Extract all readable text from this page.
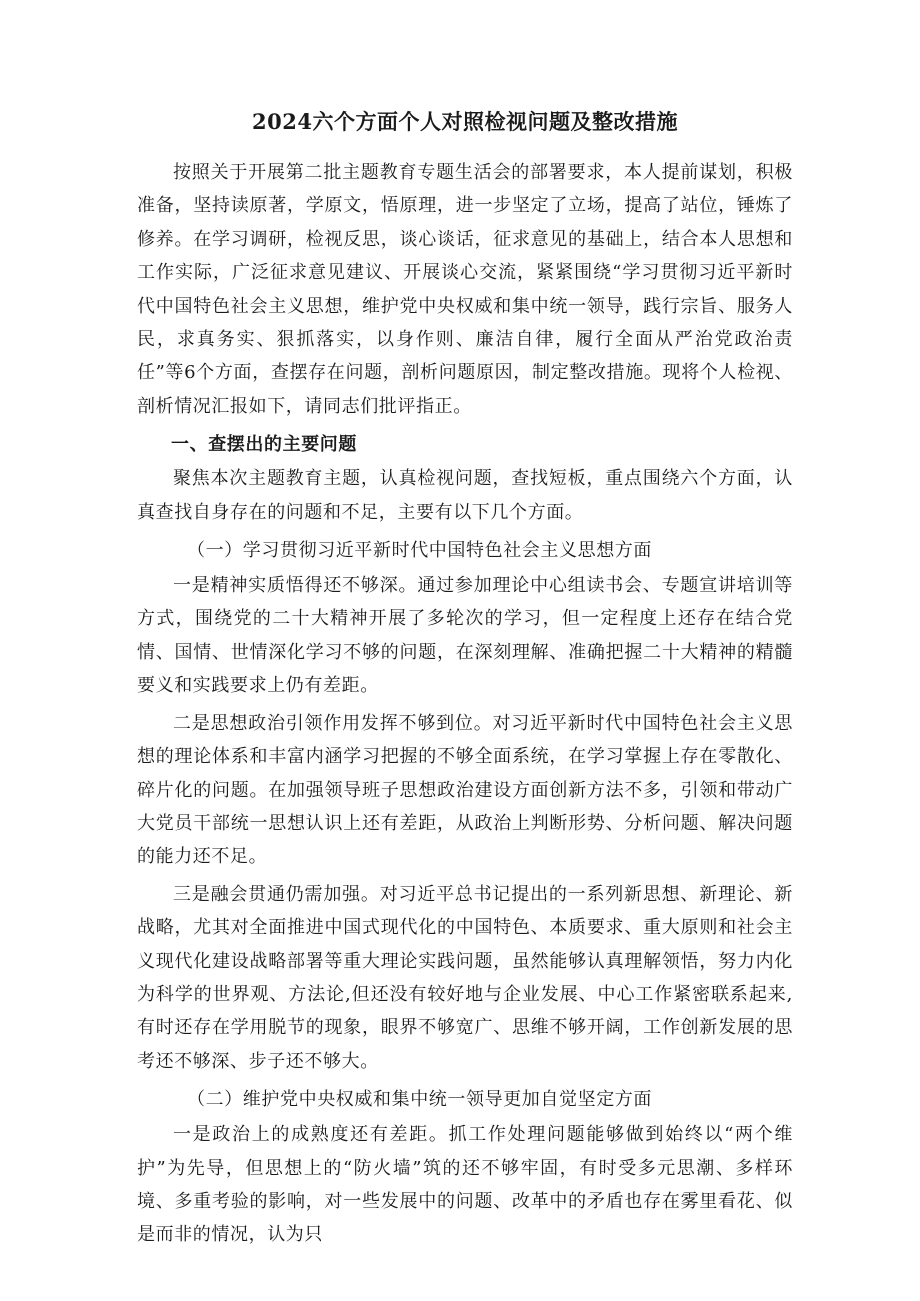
2024六个方面个人对照检视问题及整改措施

按照关于开展第二批主题教育专题生活会的部署要求，本人提前谋划，积极准备，坚持读原著，学原文，悟原理，进一步坚定了立场，提高了站位，锤炼了修养。在学习调研，检视反思，谈心谈话，征求意见的基础上，结合本人思想和工作实际，广泛征求意见建议、开展谈心交流，紧紧围绕“学习贯彻习近平新时代中国特色社会主义思想，维护党中央权威和集中统一领导，践行宗旨、服务人民，求真务实、狠抓落实，以身作则、廉洁自律，履行全面从严治党政治责任”等6个方面，查摆存在问题，剖析问题原因，制定整改措施。现将个人检视、剖析情况汇报如下，请同志们批评指正。

一、查摆出的主要问题

聚焦本次主题教育主题，认真检视问题，查找短板，重点围绕六个方面，认真查找自身存在的问题和不足，主要有以下几个方面。

（一）学习贯彻习近平新时代中国特色社会主义思想方面

一是精神实质悟得还不够深。通过参加理论中心组读书会、专题宣讲培训等方式，围绕党的二十大精神开展了多轮次的学习，但一定程度上还存在结合党情、国情、世情深化学习不够的问题，在深刻理解、准确把握二十大精神的精髓要义和实践要求上仍有差距。

二是思想政治引领作用发挥不够到位。对习近平新时代中国特色社会主义思想的理论体系和丰富内涵学习把握的不够全面系统，在学习掌握上存在零散化、碎片化的问题。在加强领导班子思想政治建设方面创新方法不多，引领和带动广大党员干部统一思想认识上还有差距，从政治上判断形势、分析问题、解决问题的能力还不足。

三是融会贯通仍需加强。对习近平总书记提出的一系列新思想、新理论、新战略，尤其对全面推进中国式现代化的中国特色、本质要求、重大原则和社会主义现代化建设战略部署等重大理论实践问题，虽然能够认真理解领悟，努力内化为科学的世界观、方法论,但还没有较好地与企业发展、中心工作紧密联系起来,有时还存在学用脱节的现象，眼界不够宽广、思维不够开阔，工作创新发展的思考还不够深、步子还不够大。

（二）维护党中央权威和集中统一领导更加自觉坚定方面

一是政治上的成熟度还有差距。抓工作处理问题能够做到始终以“两个维护”为先导，但思想上的“防火墙”筑的还不够牢固，有时受多元思潮、多样环境、多重考验的影响，对一些发展中的问题、改革中的矛盾也存在雾里看花、似是而非的情况，认为只
